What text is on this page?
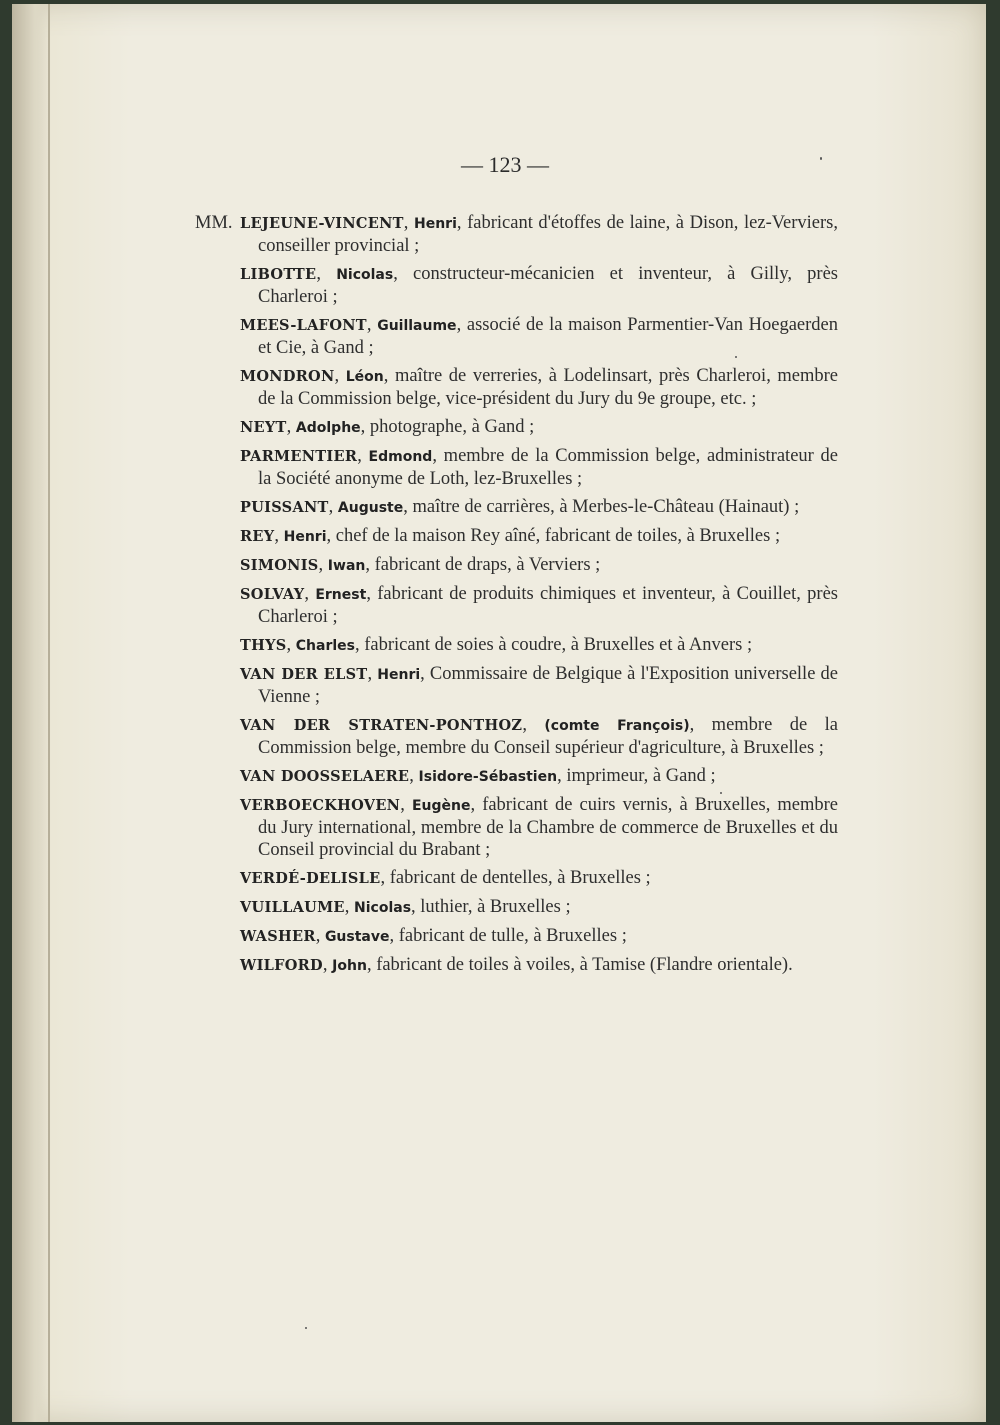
— 123 —
MM. LEJEUNE-VINCENT, Henri, fabricant d'étoffes de laine, à Dison, lez-Verviers, conseiller provincial ;
LIBOTTE, Nicolas, constructeur-mécanicien et inventeur, à Gilly, près Charleroi ;
MEES-LAFONT, Guillaume, associé de la maison Parmentier-Van Hoegaerden et Cie, à Gand ;
MONDRON, Léon, maître de verreries, à Lodelinsart, près Charleroi, membre de la Commission belge, vice-président du Jury du 9e groupe, etc. ;
NEYT, Adolphe, photographe, à Gand ;
PARMENTIER, Edmond, membre de la Commission belge, administrateur de la Société anonyme de Loth, lez-Bruxelles ;
PUISSANT, Auguste, maître de carrières, à Merbes-le-Château (Hainaut) ;
REY, Henri, chef de la maison Rey aîné, fabricant de toiles, à Bruxelles ;
SIMONIS, Iwan, fabricant de draps, à Verviers ;
SOLVAY, Ernest, fabricant de produits chimiques et inventeur, à Couillet, près Charleroi ;
THYS, Charles, fabricant de soies à coudre, à Bruxelles et à Anvers ;
VAN DER ELST, Henri, Commissaire de Belgique à l'Exposition universelle de Vienne ;
VAN DER STRATEN-PONTHOZ, (comte François), membre de la Commission belge, membre du Conseil supérieur d'agriculture, à Bruxelles ;
VAN DOOSSELAERE, Isidore-Sébastien, imprimeur, à Gand ;
VERBOECKHOVEN, Eugène, fabricant de cuirs vernis, à Bruxelles, membre du Jury international, membre de la Chambre de commerce de Bruxelles et du Conseil provincial du Brabant ;
VERDÉ-DELISLE, fabricant de dentelles, à Bruxelles ;
VUILLAUME, Nicolas, luthier, à Bruxelles ;
WASHER, Gustave, fabricant de tulle, à Bruxelles ;
WILFORD, John, fabricant de toiles à voiles, à Tamise (Flandre orientale).
